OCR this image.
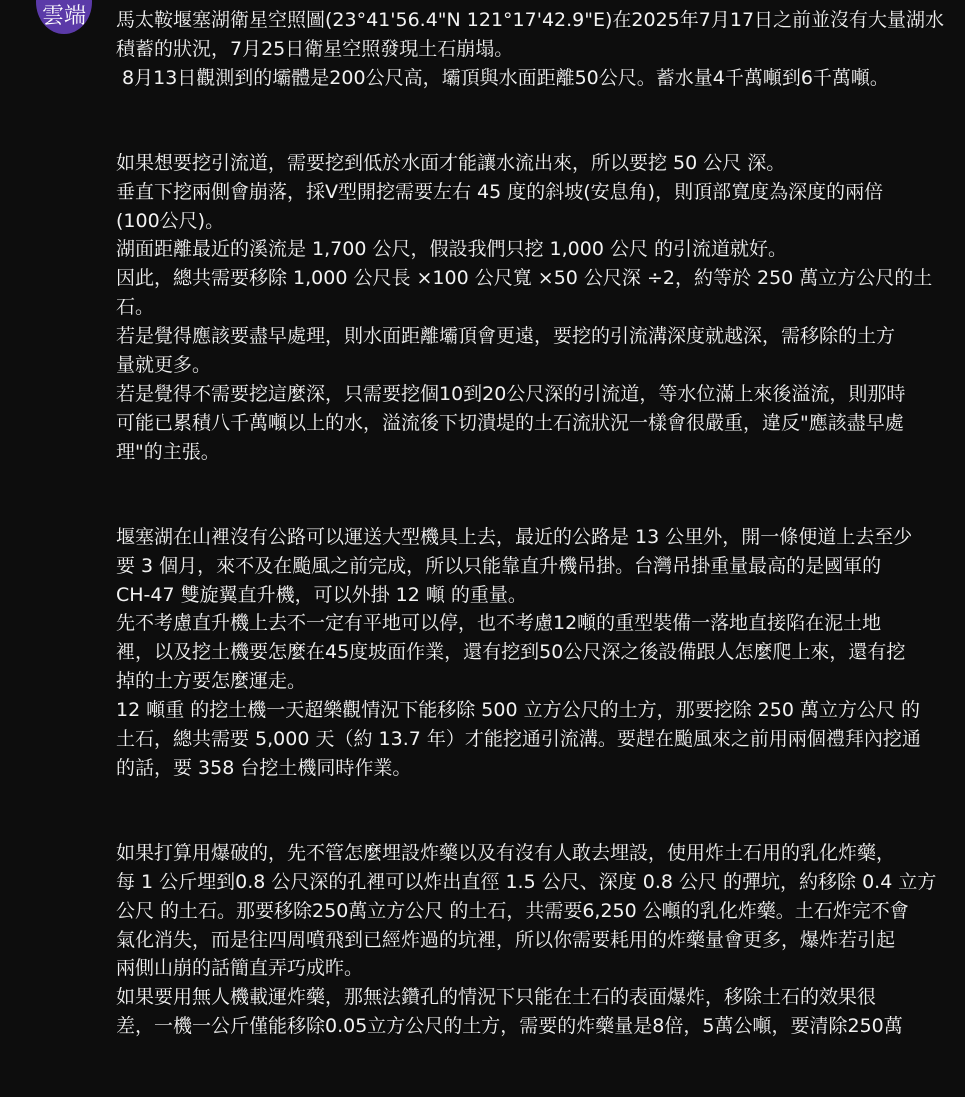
雲端 馬太鞍堰塞湖衛星空照圖(23°41'56.4"N 121°17'42.9"E)在2025年7月17日之前並沒有大量湖水
積蓄的狀況，7月25日衛星空照發現土石崩塌。
8月13日觀測到的壩體是200公尺高，壩頂與水面距離50公尺。蓄水量4千萬噸到6千萬噸。
如果想要挖引流道，需要挖到低於水面才能讓水流出來，所以要挖 50 公尺 深。
垂直下挖兩側會崩落，採V型開挖需要左右 45 度的斜坡(安息角)，則頂部寬度為深度的兩倍
(100公尺)。
湖面距離最近的溪流是 1,700 公尺，假設我們只挖 1,000 公尺 的引流道就好。
因此，總共需要移除 1,000 公尺長 ×100 公尺寬 ×50 公尺深 ÷2，約等於 250 萬立方公尺的土
石。
若是覺得應該要盡早處理，則水面距離壩頂會更遠，要挖的引流溝深度就越深，需移除的土方
量就更多。
若是覺得不需要挖這麼深，只需要挖個10到20公尺深的引流道，等水位滿上來後溢流，則那時
可能已累積八千萬噸以上的水，溢流後下切潰堤的土石流狀況一樣會很嚴重，違反"應該盡早處
理"的主張。
堰塞湖在山裡沒有公路可以運送大型機具上去，最近的公路是 13 公里外，開一條便道上去至少
要 3 個月，來不及在颱風之前完成，所以只能靠直升機吊掛。台灣吊掛重量最高的是國軍的
CH-47 雙旋翼直升機，可以外掛 12 噸 的重量。
先不考慮直升機上去不一定有平地可以停，也不考慮12噸的重型裝備一落地直接陷在泥土地
裡，以及挖土機要怎麼在45度坡面作業，還有挖到50公尺深之後設備跟人怎麼爬上來，還有挖
掉的土方要怎麼運走。
12 噸重 的挖土機一天超樂觀情況下能移除 500 立方公尺的土方，那要挖除 250 萬立方公尺 的
土石，總共需要 5,000 天（約 13.7 年）才能挖通引流溝。要趕在颱風來之前用兩個禮拜內挖通
的話，要 358 台挖土機同時作業。
如果打算用爆破的，先不管怎麼埋設炸藥以及有沒有人敢去埋設，使用炸土石用的乳化炸藥，
每 1 公斤埋到0.8 公尺深的孔裡可以炸出直徑 1.5 公尺、深度 0.8 公尺 的彈坑，約移除 0.4 立方
公尺 的土石。那要移除250萬立方公尺 的土石，共需要6,250 公噸的乳化炸藥。土石炸完不會
氣化消失，而是往四周噴飛到已經炸過的坑裡，所以你需要耗用的炸藥量會更多，爆炸若引起
兩側山崩的話簡直弄巧成昨。
如果要用無人機載運炸藥，那無法鑽孔的情況下只能在土石的表面爆炸，移除土石的效果很
差，一機一公斤僅能移除0.05立方公尺的土方，需要的炸藥量是8倍，5萬公噸，要清除250萬
